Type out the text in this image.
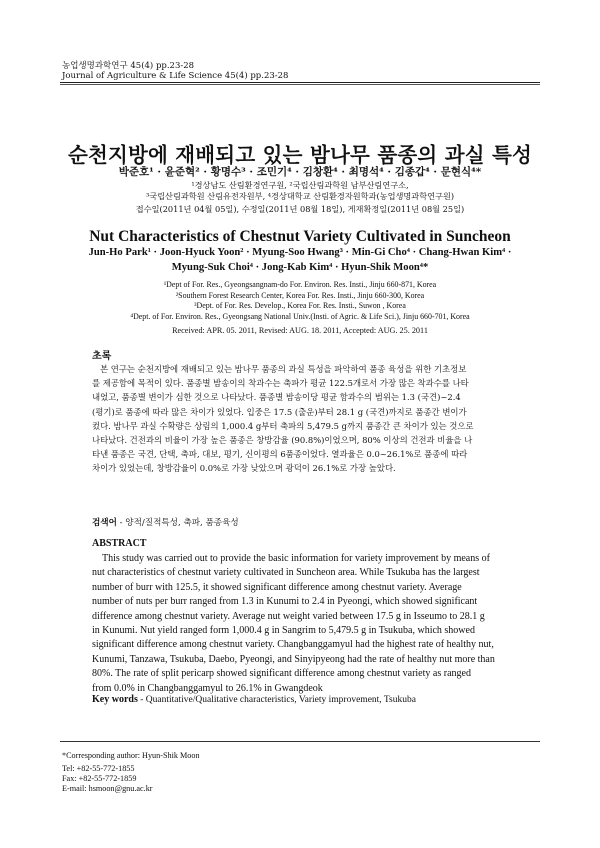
농업생명과학연구 45(4) pp.23-28
Journal of Agriculture & Life Science 45(4) pp.23-28
순천지방에 재배되고 있는 밤나무 품종의 과실 특성
박준호¹ · 윤준혁² · 황명수³ · 조민기⁴ · 김창환⁴ · 최명석⁴ · 김종갑⁴ · 문현식⁴*
¹경상남도 산림환경연구원, ²국립산림과학원 남부산림연구소,
³국립산림과학원 산림유전자원부, ⁴경상대학교 산림환경자원학과(농업생명과학연구원)
접수일(2011년 04월 05일), 수정일(2011년 08월 18일), 게재확정일(2011년 08월 25일)
Nut Characteristics of Chestnut Variety Cultivated in Suncheon
Jun-Ho Park¹ · Joon-Hyuck Yoon² · Myung-Soo Hwang³ · Min-Gi Cho⁴ · Chang-Hwan Kim⁴ ·
Myung-Suk Choi⁴ · Jong-Kab Kim⁴ · Hyun-Shik Moon⁴*
¹Dept of For. Res., Gyeongsangnam-do For. Environ. Res. Insti., Jinju 660-871, Korea
²Southern Forest Research Center, Korea For. Res. Insti., Jinju 660-300, Korea
³Dept. of For. Res. Develop., Korea For. Res. Insti., Suwon , Korea
⁴Dept. of For. Environ. Res., Gyeongsang National Univ.(Insti. of Agric. & Life Sci.), Jinju 660-701, Korea
Received: APR. 05. 2011, Revised: AUG. 18. 2011, Accepted: AUG. 25. 2011
초록
본 연구는 순천지방에 재배되고 있는 밤나무 품종의 과실 특성을 파악하여 품종 육성을 위한 기초정보
를 제공함에 목적이 있다. 품종별 밤송이의 착과수는 축파가 평균 122.5개로서 가장 많은 착과수를 나타
내었고, 품종별 변이가 심한 것으로 나타났다. 품종별 밤송이당 평균 함과수의 범위는 1.3 (국견)~2.4
(평기)로 품종에 따라 많은 차이가 있었다. 입중은 17.5 (출운)부터 28.1 g (국견)까지로 품종간 변이가
컸다. 밤나무 과실 수확량은 상림의 1,000.4 g부터 축파의 5,479.5 g까지 품종간 큰 차이가 있는 것으로
나타났다. 건전과의 비율이 가장 높은 품종은 창방감율 (90.8%)이었으며, 80% 이상의 건전과 비율을 나
타낸 품종은 국견, 단택, 축파, 대보, 평기, 신이평의 6품종이었다. 열과율은 0.0~26.1%로 품종에 따라
차이가 있었는데, 창방감율이 0.0%로 가장 낮았으며 광덕이 26.1%로 가장 높았다.
검색어 - 양적/질적특성, 축파, 품종육성
ABSTRACT
This study was carried out to provide the basic information for variety improvement by means of
nut characteristics of chestnut variety cultivated in Suncheon area. While Tsukuba has the largest
number of burr with 125.5, it showed significant difference among chestnut variety. Average
number of nuts per burr ranged from 1.3 in Kunumi to 2.4 in Pyeongi, which showed significant
difference among chestnut variety. Average nut weight varied between 17.5 g in Isseumo to 28.1 g
in Kunumi. Nut yield ranged form 1,000.4 g in Sangrim to 5,479.5 g in Tsukuba, which showed
significant difference among chestnut variety. Changbanggamyul had the highest rate of healthy nut,
Kunumi, Tanzawa, Tsukuba, Daebo, Pyeongi, and Sinyipyeong had the rate of healthy nut more than
80%. The rate of split pericarp showed significant difference among chestnut variety as ranged
from 0.0% in Changbanggamyul to 26.1% in Gwangdeok
Key words - Quantitative/Qualitative characteristics, Variety improvement, Tsukuba
*Corresponding author: Hyun-Shik Moon
Tel: +82-55-772-1855
Fax: +82-55-772-1859
E-mail: hsmoon@gnu.ac.kr
